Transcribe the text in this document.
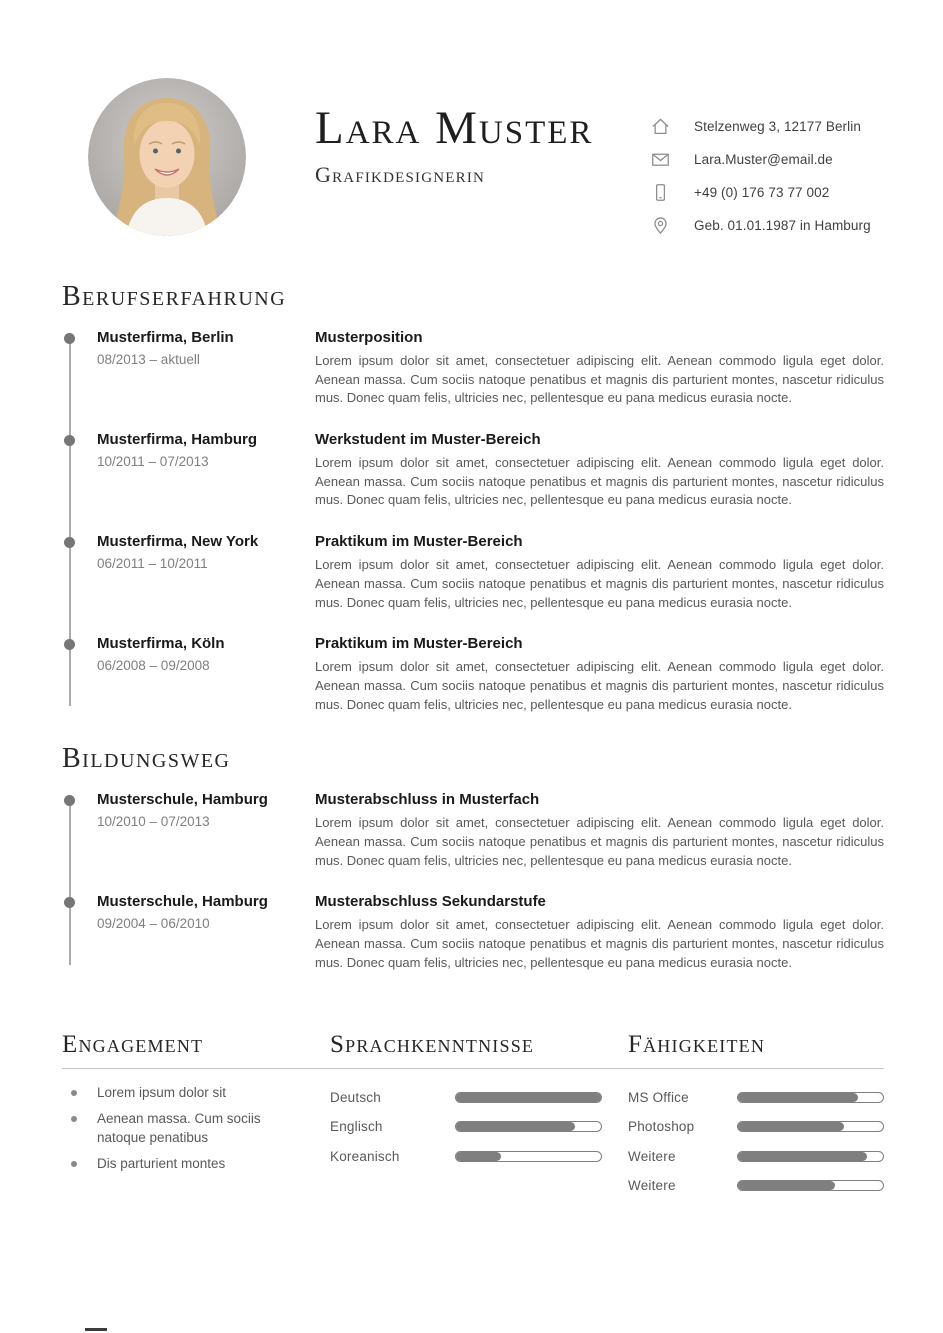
Lara Muster
Grafikdesignerin
Stelzenweg 3, 12177 Berlin
Lara.Muster@email.de
+49 (0) 176 73 77 002
Geb. 01.01.1987 in Hamburg
Berufserfahrung
Musterfirma, Berlin
08/2013 – aktuell
Musterposition

Lorem ipsum dolor sit amet, consectetuer adipiscing elit. Aenean commodo ligula eget dolor. Aenean massa. Cum sociis natoque penatibus et magnis dis parturient montes, nascetur ridiculus mus. Donec quam felis, ultricies nec, pellentesque eu pana medicus eurasia nocte.

Musterfirma, Hamburg
10/2011 – 07/2013
Werkstudent im Muster-Bereich

Lorem ipsum dolor sit amet, consectetuer adipiscing elit. Aenean commodo ligula eget dolor. Aenean massa. Cum sociis natoque penatibus et magnis dis parturient montes, nascetur ridiculus mus. Donec quam felis, ultricies nec, pellentesque eu pana medicus eurasia nocte.

Musterfirma, New York
06/2011 – 10/2011
Praktikum im Muster-Bereich

Lorem ipsum dolor sit amet, consectetuer adipiscing elit. Aenean commodo ligula eget dolor. Aenean massa. Cum sociis natoque penatibus et magnis dis parturient montes, nascetur ridiculus mus. Donec quam felis, ultricies nec, pellentesque eu pana medicus eurasia nocte.

Musterfirma, Köln
06/2008 – 09/2008
Praktikum im Muster-Bereich

Lorem ipsum dolor sit amet, consectetuer adipiscing elit. Aenean commodo ligula eget dolor. Aenean massa. Cum sociis natoque penatibus et magnis dis parturient montes, nascetur ridiculus mus. Donec quam felis, ultricies nec, pellentesque eu pana medicus eurasia nocte.

Bildungsweg
Musterschule, Hamburg
10/2010 – 07/2013
Musterabschluss in Musterfach

Lorem ipsum dolor sit amet, consectetuer adipiscing elit. Aenean commodo ligula eget dolor. Aenean massa. Cum sociis natoque penatibus et magnis dis parturient montes, nascetur ridiculus mus. Donec quam felis, ultricies nec, pellentesque eu pana medicus eurasia nocte.

Musterschule, Hamburg
09/2004 – 06/2010
Musterabschluss Sekundarstufe

Lorem ipsum dolor sit amet, consectetuer adipiscing elit. Aenean commodo ligula eget dolor. Aenean massa. Cum sociis natoque penatibus et magnis dis parturient montes, nascetur ridiculus mus. Donec quam felis, ultricies nec, pellentesque eu pana medicus eurasia nocte.

Engagement	Sprachkenntnisse	Fähigkeiten
Lorem ipsum dolor sit
Aenean massa. Cum sociis natoque penatibus
Dis parturient montes
Deutsch
Englisch
Koreanisch
MS Office
Photoshop
Weitere
Weitere
